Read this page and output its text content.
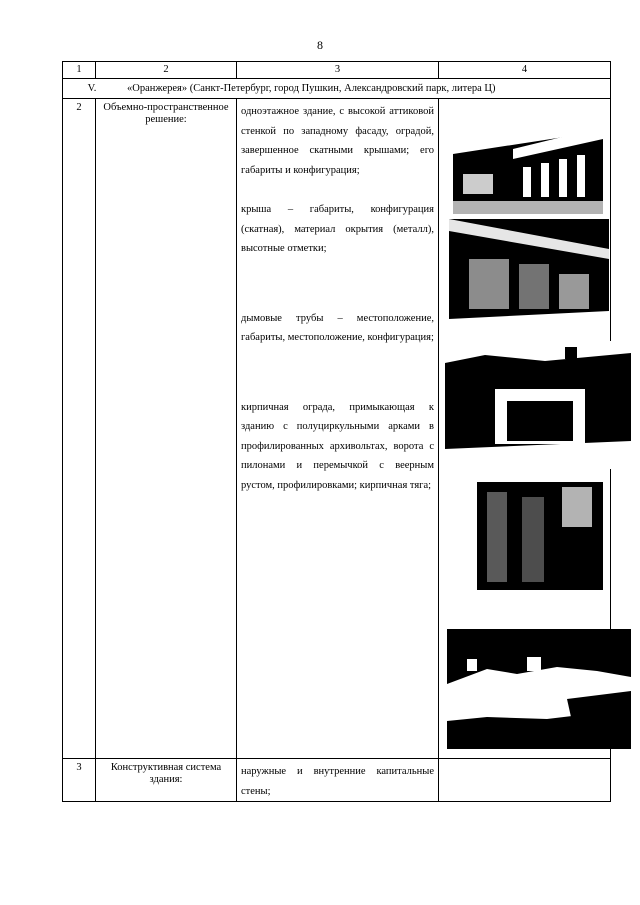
8
1	2	3	4

V. «Оранжерея» (Санкт-Петербург, город Пушкин, Александровский парк, литера Ц)			

2	Объемно-пространственное решение:	одноэтажное здание, с высокой аттиковой стенкой по западному фасаду, оградой, завершенное скатными крышами; его габариты и конфигурация;

крыша – габариты, конфигурация (скатная), материал окрытия (металл), высотные отметки;

дымовые трубы – местоположение, габариты, местоположение, конфигурация;

кирпичная ограда, примыкающая к зданию с полуциркульными арками в профилированных архивольтах, ворота с пилонами и перемычкой с веерным рустом, профилировками; кирпичная тяга;

3	Конструктивная система здания:	наружные и внутренние капитальные стены;	
